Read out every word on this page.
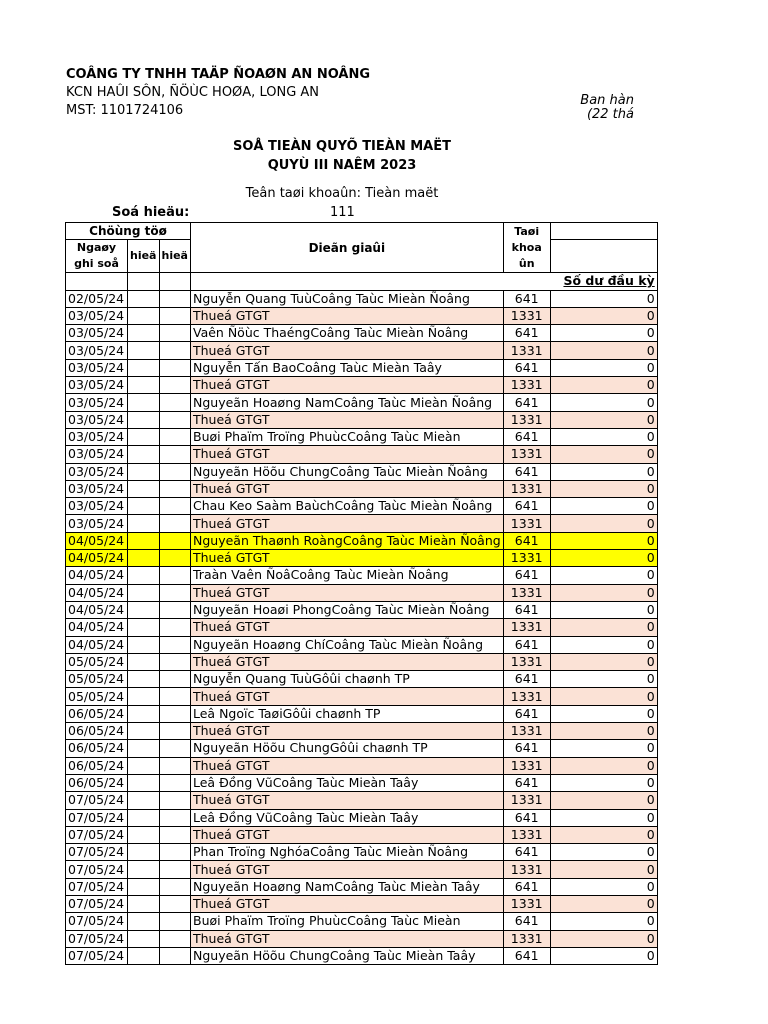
COÂNG TY TNHH TAÄP ÑOAØN AN NOÂNG
KCN HAÛI SÔN, ÑÖÙC HOØA, LONG AN
MST: 1101724106
Ban hàn
(22 thá
SOÅ TIEÀN QUYÕ TIEÀN MAËT
QUYÙ III NAÊM 2023
Teân taøi khoaûn: Tieàn maët
Soá hieäu:	111
Chöùng töø			Dieãn giaûi	Taøi khoa ûn	
Ngaøy ghi soå	hieä	hieä			
			Số dư đầu kỳ		
02/05/24			Nguyễn Quang TuùCoâng Taùc Mieàn Ñoâng	641	0
03/05/24			Thueá GTGT	1331	0
03/05/24			Vaên Ñöùc ThaéngCoâng Taùc Mieàn Ñoâng	641	0
03/05/24			Thueá GTGT	1331	0
03/05/24			Nguyễn Tấn BaoCoâng Taùc Mieàn Taây	641	0
03/05/24			Thueá GTGT	1331	0
03/05/24			Nguyeãn Hoaøng NamCoâng Taùc Mieàn Ñoâng	641	0
03/05/24			Thueá GTGT	1331	0
03/05/24			Buøi Phaïm Troïng PhuùcCoâng Taùc Mieàn	641	0
03/05/24			Thueá GTGT	1331	0
03/05/24			Nguyeãn Höõu ChungCoâng Taùc Mieàn Ñoâng	641	0
03/05/24			Thueá GTGT	1331	0
03/05/24			Chau Keo Saàm BaùchCoâng Taùc Mieàn Ñoâng	641	0
03/05/24			Thueá GTGT	1331	0
04/05/24			Nguyeãn Thaønh RoàngCoâng Taùc Mieàn Ñoâng	641	0
04/05/24			Thueá GTGT	1331	0
04/05/24			Traàn Vaên ÑoâCoâng Taùc Mieàn Ñoâng	641	0
04/05/24			Thueá GTGT	1331	0
04/05/24			Nguyeãn Hoaøi PhongCoâng Taùc Mieàn Ñoâng	641	0
04/05/24			Thueá GTGT	1331	0
04/05/24			Nguyeãn Hoaøng ChíCoâng Taùc Mieàn Ñoâng	641	0
05/05/24			Thueá GTGT	1331	0
05/05/24			Nguyễn Quang TuùGôûi chaønh TP	641	0
05/05/24			Thueá GTGT	1331	0
06/05/24			Leâ Ngoïc TaøiGôûi chaønh TP	641	0
06/05/24			Thueá GTGT	1331	0
06/05/24			Nguyeãn Höõu ChungGôûi chaønh TP	641	0
06/05/24			Thueá GTGT	1331	0
06/05/24			Leâ Đồng VũCoâng Taùc Mieàn Taây	641	0
07/05/24			Thueá GTGT	1331	0
07/05/24			Leâ Đồng VũCoâng Taùc Mieàn Taây	641	0
07/05/24			Thueá GTGT	1331	0
07/05/24			Phan Troïng NghóaCoâng Taùc Mieàn Ñoâng	641	0
07/05/24			Thueá GTGT	1331	0
07/05/24			Nguyeãn Hoaøng NamCoâng Taùc Mieàn Taây	641	0
07/05/24			Thueá GTGT	1331	0
07/05/24			Buøi Phaïm Troïng PhuùcCoâng Taùc Mieàn	641	0
07/05/24			Thueá GTGT	1331	0
07/05/24			Nguyeãn Höõu ChungCoâng Taùc Mieàn Taây	641	0
